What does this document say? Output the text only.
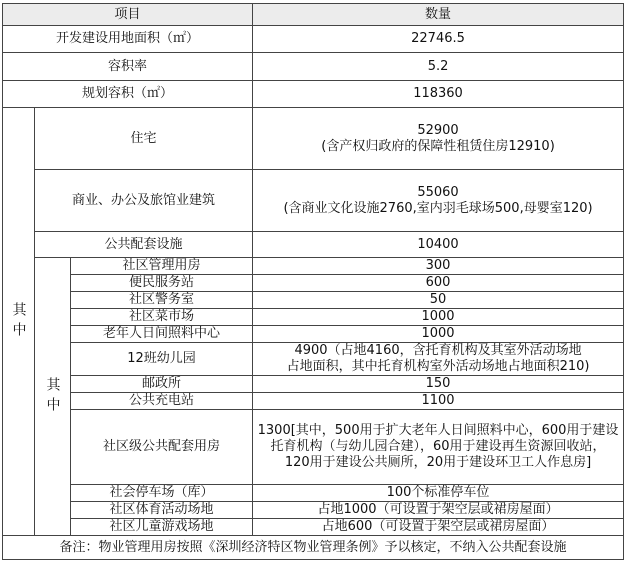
项目			数量
开发建设用地面积（㎡）			22746.5
容积率			5.2
规划容积（㎡）			118360
其中	住宅		52900
(含产权归政府的保障性租赁住房12910)

	商业、办公及旅馆业建筑		55060
(含商业文化设施2760,室内羽毛球场500,母婴室120)

	公共配套设施		10400
	其中	社区管理用房	300
		便民服务站	600
		社区警务室	50
		社区菜市场	1000
		老年人日间照料中心	1000
		12班幼儿园	4900（占地4160，含托育机构及其室外活动场地
占地面积，其中托育机构室外活动场地占地面积210)

		邮政所	150
		公共充电站	1100
		社区级公共配套用房	1300[其中，500用于扩大老年人日间照料中心，600用于建设
托育机构（与幼儿园合建），60用于建设再生资源回收站，
120用于建设公共厕所，20用于建设环卫工人作息房]

		社会停车场（库）	100个标准停车位
		社区体育活动场地	占地1000（可设置于架空层或裙房屋面）
		社区儿童游戏场地	占地600（可设置于架空层或裙房屋面）
备注：物业管理用房按照《深圳经济特区物业管理条例》予以核定，不纳入公共配套设施			
